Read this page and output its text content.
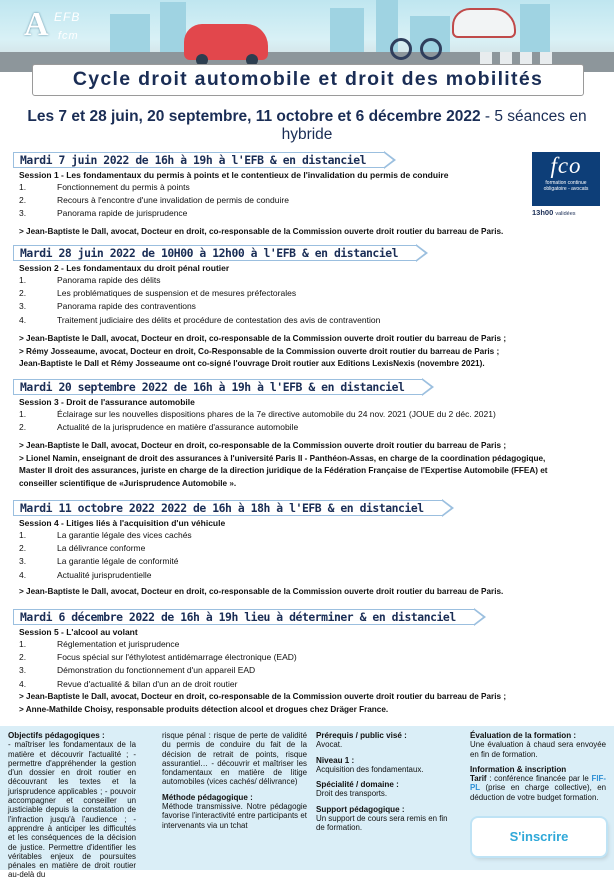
A EFB
fcm
Cycle droit automobile et droit des mobilités
Les 7 et 28 juin, 20 septembre, 11 octobre et 6 décembre 2022 - 5 séances en hybride
fco
formation continue
obligatoire - avocats
13h00 validées
Mardi 7 juin 2022 de 16h à 19h à l'EFB & en distanciel
Session 1 - Les fondamentaux du permis à points et le contentieux de l'invalidation du permis de conduire
1.	Fonctionnement du permis à points
2.	Recours à l'encontre d'une invalidation de permis de conduire
3.	Panorama rapide de jurisprudence
> Jean-Baptiste le Dall, avocat, Docteur en droit, co-responsable de la Commission ouverte droit routier du barreau de Paris.
Mardi 28 juin 2022 de 10H00 à 12h00 à l'EFB & en distanciel
Session 2 - Les fondamentaux du droit pénal routier
1.	Panorama rapide des délits
2.	Les problématiques de suspension et de mesures préfectorales
3.	Panorama rapide des contraventions
4.	Traitement judiciaire des délits et procédure de contestation des avis de contravention
> Jean-Baptiste le Dall, avocat, Docteur en droit, co-responsable de la Commission ouverte droit routier du barreau de Paris ;
> Rémy Josseaume, avocat, Docteur en droit, Co-Responsable de la Commission ouverte droit routier du barreau de Paris ;
Jean-Baptiste le Dall et Rémy Josseaume ont co-signé l'ouvrage Droit routier aux Editions LexisNexis (novembre 2021).
Mardi 20 septembre 2022 de 16h à 19h à l'EFB & en distanciel
Session 3 - Droit de l'assurance automobile
1.	Éclairage sur les nouvelles dispositions phares de la 7e directive automobile du 24 nov. 2021 (JOUE du 2 déc. 2021)
2.	Actualité de la jurisprudence en matière d'assurance automobile
> Jean-Baptiste le Dall, avocat, Docteur en droit, co-responsable de la Commission ouverte droit routier du barreau de Paris ;
> Lionel Namin, enseignant de droit des assurances à l'université Paris II - Panthéon-Assas, en charge de la coordination pédagogique,
Master II droit des assurances, juriste en charge de la direction juridique de la Fédération Française de l'Expertise Automobile (FFEA) et
conseiller scientifique de «Jurisprudence Automobile ».
Mardi 11 octobre 2022 2022 de 16h à 18h à l'EFB & en distanciel
Session 4 - Litiges liés à l'acquisition d'un véhicule
1.	La garantie légale des vices cachés
2.	La délivrance conforme
3.	La garantie légale de conformité
4.	Actualité jurisprudentielle
> Jean-Baptiste le Dall, avocat, Docteur en droit, co-responsable de la Commission ouverte droit routier du barreau de Paris.
Mardi 6 décembre 2022 de 16h à 19h lieu à déterminer & en distanciel
Session 5 - L'alcool au volant
1.	Réglementation et jurisprudence
2.	Focus spécial sur l'éthylotest antidémarrage électronique (EAD)
3.	Démonstration du fonctionnement d'un appareil EAD
4.	Revue d'actualité & bilan d'un an de droit routier
> Jean-Baptiste le Dall, avocat, Docteur en droit, co-responsable de la Commission ouverte droit routier du barreau de Paris ;
> Anne-Mathilde Choisy, responsable produits détection alcool et drogues chez Dräger France.
Objectifs pédagogiques :
- maîtriser les fondamentaux de la matière et découvrir l'actualité ; - permettre d'appréhender la gestion d'un dossier en droit routier en découvrant les textes et la jurisprudence applicables ; - pouvoir accompagner et conseiller un justiciable depuis la constatation de l'infraction jusqu'à l'audience ; - apprendre à anticiper les difficultés et les conséquences de la décision de justice. Permettre d'identifier les véritables enjeux de poursuites pénales en matière de droit routier au-delà du
risque pénal : risque de perte de validité du permis de conduire du fait de la décision de retrait de points, risque assurantiel… - découvrir et maîtriser les fondamentaux en matière de litige automobiles (vices cachés/ délivrance)
Méthode pédagogique :
Méthode transmissive. Notre pédagogie favorise l'interactivité entre participants et intervenants via un tchat
Prérequis / public visé :
Avocat.
Niveau 1 :
Acquisition des fondamentaux.
Spécialité / domaine :
Droit des transports.
Support pédagogique :
Un support de cours sera remis en fin de formation.
Évaluation de la formation :
Une évaluation à chaud sera envoyée en fin de formation.
Information & inscription
Tarif : conférence financée par le FIF-PL (prise en charge collective), en déduction de votre budget formation.
S'inscrire
